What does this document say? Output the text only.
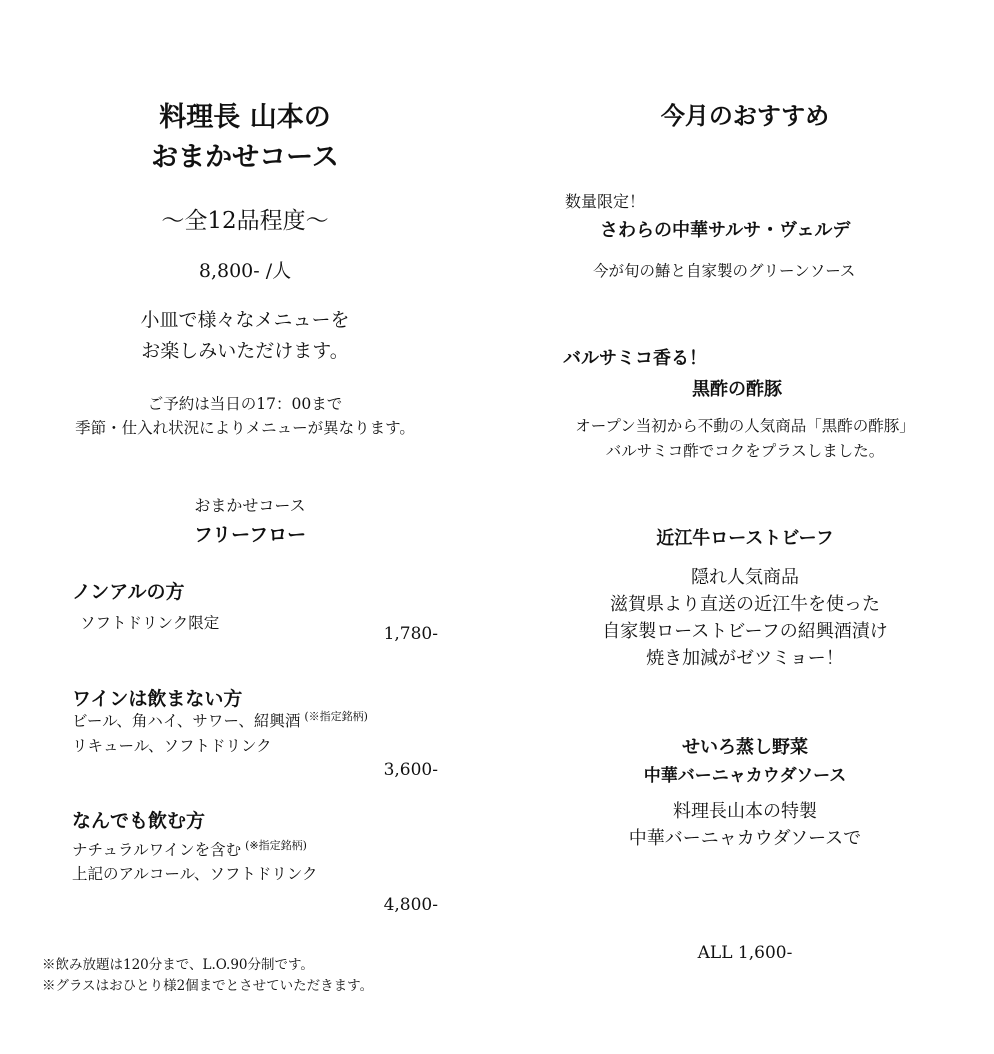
料理長 山本の
おまかせコース
〜全12品程度〜
8,800- /人
小皿で様々なメニューを
お楽しみいただけます。
ご予約は当日の17：00まで
季節・仕入れ状況によりメニューが異なります。
おまかせコース
フリーフロー
ノンアルの方
ソフトドリンク限定
1,780-
ワインは飲まない方
ビール、角ハイ、サワー、紹興酒 $^{(※指定銘柄)}$
リキュール、ソフトドリンク
3,600-
なんでも飲む方
ナチュラルワインを含む $^{(※指定銘柄)}$
上記のアルコール、ソフトドリンク
4,800-
※飲み放題は120分まで、L.O.90分制です。
※グラスはおひとり様2個までとさせていただきます。
今月のおすすめ
数量限定！
さわらの中華サルサ・ヴェルデ
今が旬の鰆と自家製のグリーンソース
バルサミコ香る！
黒酢の酢豚
オープン当初から不動の人気商品「黒酢の酢豚」
バルサミコ酢でコクをプラスしました。
近江牛ローストビーフ
隠れ人気商品
滋賀県より直送の近江牛を使った
自家製ローストビーフの紹興酒漬け
焼き加減がゼツミョー！
せいろ蒸し野菜
中華バーニャカウダソース
料理長山本の特製
中華バーニャカウダソースで
ALL 1,600-
